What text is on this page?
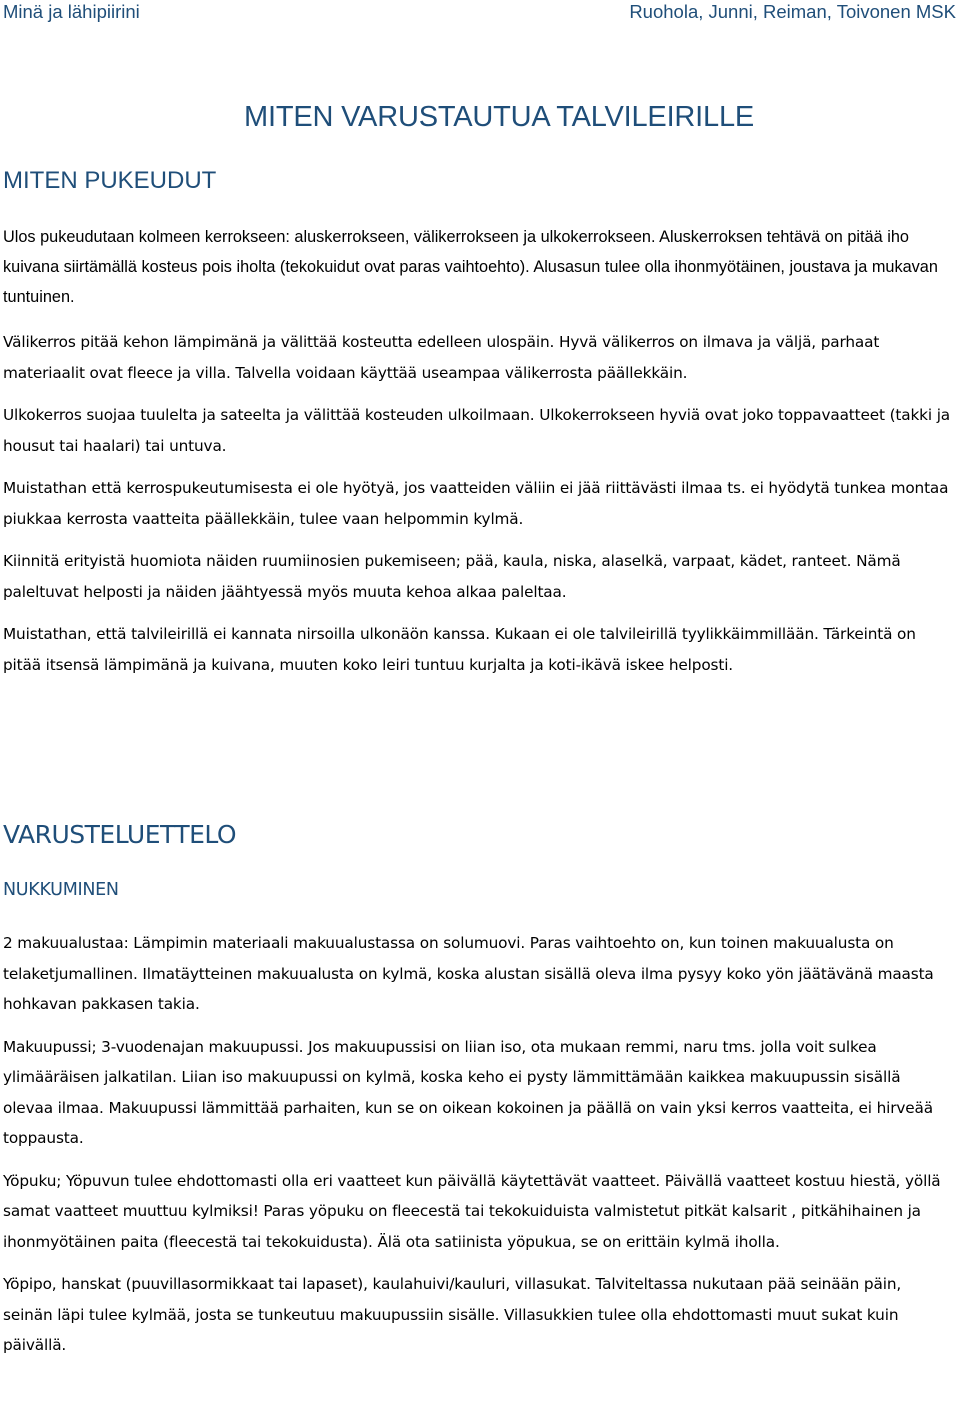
Minä ja lähipiirini	Ruohola, Junni, Reiman, Toivonen MSK
MITEN VARUSTAUTUA TALVILEIRILLE
MITEN PUKEUDUT

Ulos pukeudutaan kolmeen kerrokseen: aluskerrokseen, välikerrokseen ja ulkokerrokseen. Aluskerroksen tehtävä on pitää iho kuivana siirtämällä kosteus pois iholta (tekokuidut ovat paras vaihtoehto). Alusasun tulee olla ihonmyötäinen, joustava ja mukavan tuntuinen.

Välikerros pitää kehon lämpimänä ja välittää kosteutta edelleen ulospäin. Hyvä välikerros on ilmava ja väljä, parhaat materiaalit ovat fleece ja villa. Talvella voidaan käyttää useampaa välikerrosta päällekkäin.

Ulkokerros suojaa tuulelta ja sateelta ja välittää kosteuden ulkoilmaan. Ulkokerrokseen hyviä ovat joko toppavaatteet (takki ja housut tai haalari) tai untuva.

Muistathan että kerrospukeutumisesta ei ole hyötyä, jos vaatteiden väliin ei jää riittävästi ilmaa ts. ei hyödytä tunkea montaa piukkaa kerrosta vaatteita päällekkäin, tulee vaan helpommin kylmä.

Kiinnitä erityistä huomiota näiden ruumiinosien pukemiseen; pää, kaula, niska, alaselkä, varpaat, kädet, ranteet. Nämä paleltuvat helposti ja näiden jäähtyessä myös muuta kehoa alkaa paleltaa.

Muistathan, että talvileirillä ei kannata nirsoilla ulkonäön kanssa. Kukaan ei ole talvileirillä tyylikkäimmillään. Tärkeintä on pitää itsensä lämpimänä ja kuivana, muuten koko leiri tuntuu kurjalta ja koti-ikävä iskee helposti.

VARUSTELUETTELO
NUKKUMINEN

2 makuualustaa: Lämpimin materiaali makuualustassa on solumuovi. Paras vaihtoehto on, kun toinen makuualusta on telaketjumallinen. Ilmatäytteinen makuualusta on kylmä, koska alustan sisällä oleva ilma pysyy koko yön jäätävänä maasta hohkavan pakkasen takia.

Makuupussi; 3-vuodenajan makuupussi. Jos makuupussisi on liian iso, ota mukaan remmi, naru tms. jolla voit sulkea ylimääräisen jalkatilan. Liian iso makuupussi on kylmä, koska keho ei pysty lämmittämään kaikkea makuupussin sisällä olevaa ilmaa. Makuupussi lämmittää parhaiten, kun se on oikean kokoinen ja päällä on vain yksi kerros vaatteita, ei hirveää toppausta.

Yöpuku; Yöpuvun tulee ehdottomasti olla eri vaatteet kun päivällä käytettävät vaatteet. Päivällä vaatteet kostuu hiestä, yöllä samat vaatteet muuttuu kylmiksi! Paras yöpuku on fleecestä tai tekokuiduista valmistetut pitkät kalsarit , pitkähihainen ja ihonmyötäinen paita (fleecestä tai tekokuidusta). Älä ota satiinista yöpukua, se on erittäin kylmä iholla.

Yöpipo, hanskat (puuvillasormikkaat tai lapaset), kaulahuivi/kauluri, villasukat. Talviteltassa nukutaan pää seinään päin, seinän läpi tulee kylmää, josta se tunkeutuu makuupussiin sisälle. Villasukkien tulee olla ehdottomasti muut sukat kuin päivällä.
